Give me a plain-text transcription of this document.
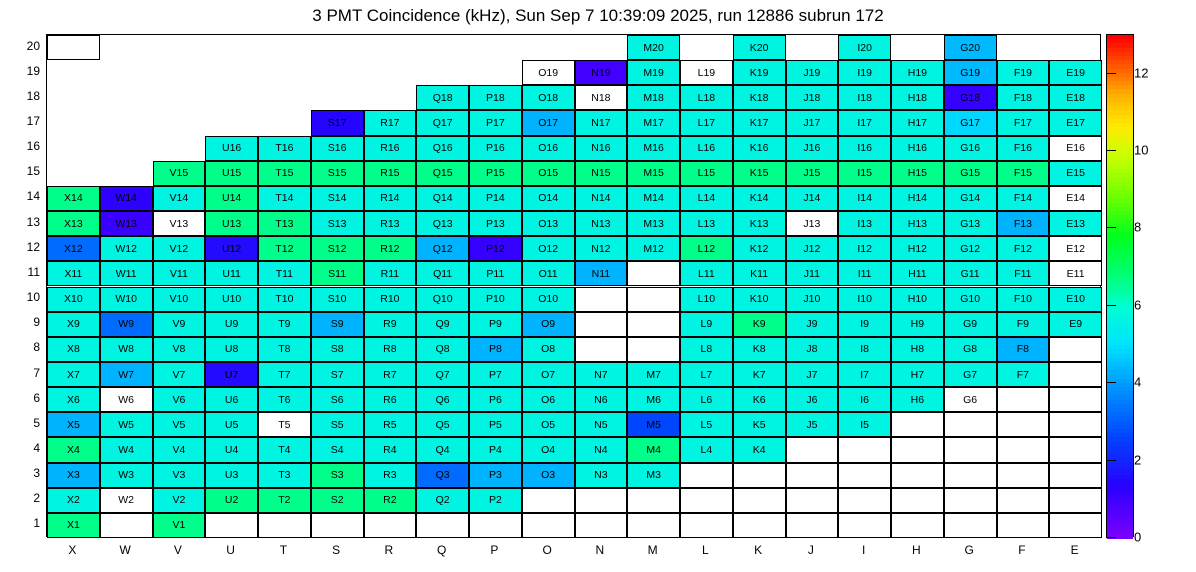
3 PMT Coincidence (kHz), Sun Sep 7 10:39:09 2025, run 12886 subrun 172
M20	K20	I20	G20
O19	N19	M19	L19	K19	J19	I19	H19	G19	F19	E19
Q18	P18	O18	N18	M18	L18	K18	J18	I18	H18	G18	F18	E18
S17	R17	Q17	P17	O17	N17	M17	L17	K17	J17	I17	H17	G17	F17	E17
U16	T16	S16	R16	Q16	P16	O16	N16	M16	L16	K16	J16	I16	H16	G16	F16	E16
V15	U15	T15	S15	R15	Q15	P15	O15	N15	M15	L15	K15	J15	I15	H15	G15	F15	E15
X14	W14	V14	U14	T14	S14	R14	Q14	P14	O14	N14	M14	L14	K14	J14	I14	H14	G14	F14	E14
X13	W13	V13	U13	T13	S13	R13	Q13	P13	O13	N13	M13	L13	K13	J13	I13	H13	G13	F13	E13
X12	W12	V12	U12	T12	S12	R12	Q12	P12	O12	N12	M12	L12	K12	J12	I12	H12	G12	F12	E12
X11	W11	V11	U11	T11	S11	R11	Q11	P11	O11	N11	L11	K11	J11	I11	H11	G11	F11	E11
X10	W10	V10	U10	T10	S10	R10	Q10	P10	O10	L10	K10	J10	I10	H10	G10	F10	E10
X9	W9	V9	U9	T9	S9	R9	Q9	P9	O9	L9	K9	J9	I9	H9	G9	F9	E9
X8	W8	V8	U8	T8	S8	R8	Q8	P8	O8	L8	K8	J8	I8	H8	G8	F8
X7	W7	V7	U7	T7	S7	R7	Q7	P7	O7	N7	M7	L7	K7	J7	I7	H7	G7	F7
X6	W6	V6	U6	T6	S6	R6	Q6	P6	O6	N6	M6	L6	K6	J6	I6	H6	G6
X5	W5	V5	U5	T5	S5	R5	Q5	P5	O5	N5	M5	L5	K5	J5	I5
X4	W4	V4	U4	T4	S4	R4	Q4	P4	O4	N4	M4	L4	K4
X3	W3	V3	U3	T3	S3	R3	Q3	P3	O3	N3	M3
X2	W2	V2	U2	T2	S2	R2	Q2	P2
X1	V1
1
2
3
4
5
6
7
8
9
10
11
12
13
14
15
16
17
18
19
20
X	W	V	U	T	S	R	Q	P	O	N	M	L	K	J	I	H	G	F	E
0
2
4
6
8
10
12
